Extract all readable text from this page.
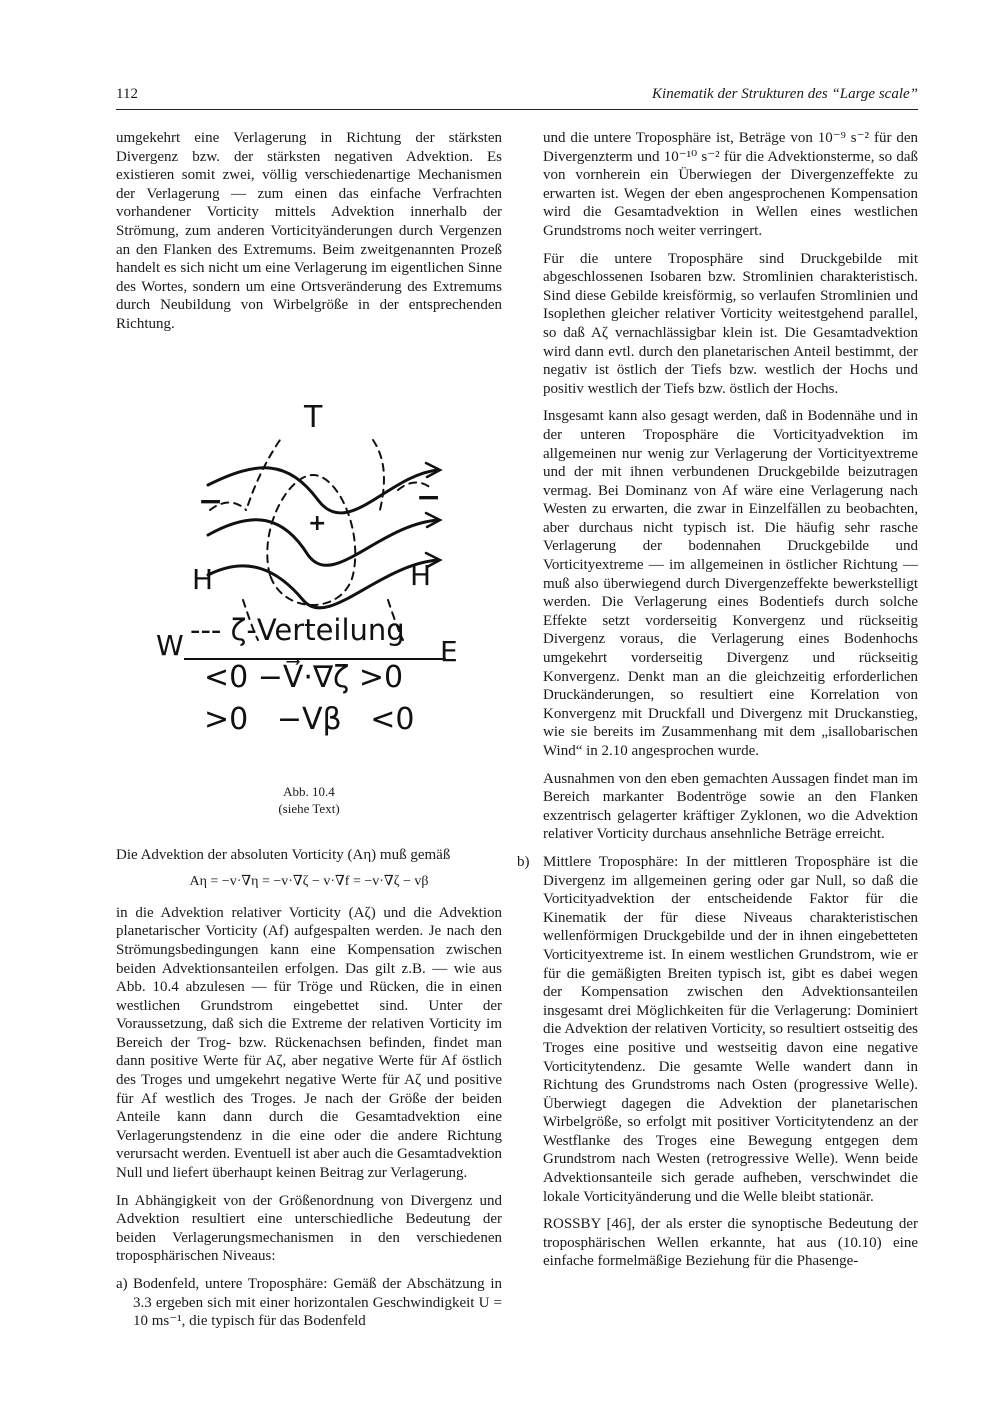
112	Kinematik der Strukturen des “Large scale”

umgekehrt eine Verlagerung in Richtung der stärksten Divergenz bzw. der stärksten negativen Advektion. Es existieren somit zwei, völlig verschiedenartige Mechanismen der Verlagerung — zum einen das einfache Verfrachten vorhandener Vorticity mittels Advektion innerhalb der Strömung, zum anderen Vorticityänderungen durch Vergenzen an den Flanken des Extremums. Beim zweitgenannten Prozeß handelt es sich nicht um eine Verlagerung im eigentlichen Sinne des Wortes, sondern um eine Ortsveränderung des Extremums durch Neubildung von Wirbelgröße in der entsprechenden Richtung.

T
−	−
+
H	H
W	E
--- ζ-Verteilung
<0 −V⃗·∇ζ >0
>0   −Vβ   <0
Abb. 10.4
(siehe Text)

Die Advektion der absoluten Vorticity (Aη) muß gemäß

Aη = −v·∇η = −v·∇ζ − v·∇f = −v·∇ζ − vβ

in die Advektion relativer Vorticity (Aζ) und die Advektion planetarischer Vorticity (Af) aufgespalten werden. Je nach den Strömungsbedingungen kann eine Kompensation zwischen beiden Advektionsanteilen erfolgen. Das gilt z.B. — wie aus Abb. 10.4 abzulesen — für Tröge und Rücken, die in einen westlichen Grundstrom eingebettet sind. Unter der Voraussetzung, daß sich die Extreme der relativen Vorticity im Bereich der Trog- bzw. Rückenachsen befinden, findet man dann positive Werte für Aζ, aber negative Werte für Af östlich des Troges und umgekehrt negative Werte für Aζ und positive für Af westlich des Troges. Je nach der Größe der beiden Anteile kann dann durch die Gesamtadvektion eine Verlagerungstendenz in die eine oder die andere Richtung verursacht werden. Eventuell ist aber auch die Gesamtadvektion Null und liefert überhaupt keinen Beitrag zur Verlagerung.

In Abhängigkeit von der Größenordnung von Divergenz und Advektion resultiert eine unterschiedliche Bedeutung der beiden Verlagerungsmechanismen in den verschiedenen troposphärischen Niveaus:

a) Bodenfeld, untere Troposphäre: Gemäß der Abschätzung in 3.3 ergeben sich mit einer horizontalen Geschwindigkeit U = 10 ms⁻¹, die typisch für das Bodenfeld

und die untere Troposphäre ist, Beträge von 10⁻⁹ s⁻² für den Divergenzterm und 10⁻¹⁰ s⁻² für die Advektionsterme, so daß von vornherein ein Überwiegen der Divergenzeffekte zu erwarten ist. Wegen der eben angesprochenen Kompensation wird die Gesamtadvektion in Wellen eines westlichen Grundstroms noch weiter verringert.

Für die untere Troposphäre sind Druckgebilde mit abgeschlossenen Isobaren bzw. Stromlinien charakteristisch. Sind diese Gebilde kreisförmig, so verlaufen Stromlinien und Isoplethen gleicher relativer Vorticity weitestgehend parallel, so daß Aζ vernachlässigbar klein ist. Die Gesamtadvektion wird dann evtl. durch den planetarischen Anteil bestimmt, der negativ ist östlich der Tiefs bzw. westlich der Hochs und positiv westlich der Tiefs bzw. östlich der Hochs.

Insgesamt kann also gesagt werden, daß in Bodennähe und in der unteren Troposphäre die Vorticityadvektion im allgemeinen nur wenig zur Verlagerung der Vorticityextreme und der mit ihnen verbundenen Druckgebilde beizutragen vermag. Bei Dominanz von Af wäre eine Verlagerung nach Westen zu erwarten, die zwar in Einzelfällen zu beobachten, aber durchaus nicht typisch ist. Die häufig sehr rasche Verlagerung der bodennahen Druckgebilde und Vorticityextreme — im allgemeinen in östlicher Richtung — muß also überwiegend durch Divergenzeffekte bewerkstelligt werden. Die Verlagerung eines Bodentiefs durch solche Effekte setzt vorderseitig Konvergenz und rückseitig Divergenz voraus, die Verlagerung eines Bodenhochs umgekehrt vorderseitig Divergenz und rückseitig Konvergenz. Denkt man an die gleichzeitig erforderlichen Druckänderungen, so resultiert eine Korrelation von Konvergenz mit Druckfall und Divergenz mit Druckanstieg, wie sie bereits im Zusammenhang mit dem „isallobarischen Wind“ in 2.10 angesprochen wurde.

Ausnahmen von den eben gemachten Aussagen findet man im Bereich markanter Bodentröge sowie an den Flanken exzentrisch gelagerter kräftiger Zyklonen, wo die Advektion relativer Vorticity durchaus ansehnliche Beträge erreicht.

b) Mittlere Troposphäre: In der mittleren Troposphäre ist die Divergenz im allgemeinen gering oder gar Null, so daß die Vorticityadvektion der entscheidende Faktor für die Kinematik der für diese Niveaus charakteristischen wellenförmigen Druckgebilde und der in ihnen eingebetteten Vorticityextreme ist. In einem westlichen Grundstrom, wie er für die gemäßigten Breiten typisch ist, gibt es dabei wegen der Kompensation zwischen den Advektionsanteilen insgesamt drei Möglichkeiten für die Verlagerung: Dominiert die Advektion der relativen Vorticity, so resultiert ostseitig des Troges eine positive und westseitig davon eine negative Vorticitytendenz. Die gesamte Welle wandert dann in Richtung des Grundstroms nach Osten (progressive Welle). Überwiegt dagegen die Advektion der planetarischen Wirbelgröße, so erfolgt mit positiver Vorticitytendenz an der Westflanke des Troges eine Bewegung entgegen dem Grundstrom nach Westen (retrogressive Welle). Wenn beide Advektionsanteile sich gerade aufheben, verschwindet die lokale Vorticityänderung und die Welle bleibt stationär.

ROSSBY [46], der als erster die synoptische Bedeutung der troposphärischen Wellen erkannte, hat aus (10.10) eine einfache formelmäßige Beziehung für die Phasenge-
